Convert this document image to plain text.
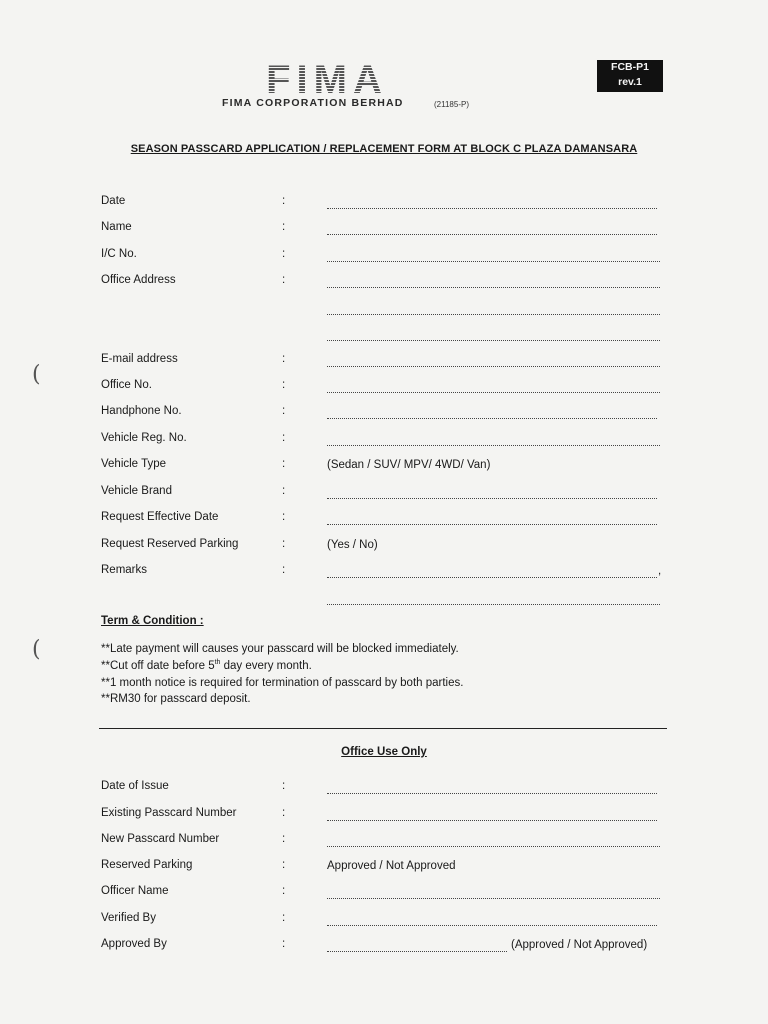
FIMA
FIMA CORPORATION BERHAD	(21185-P)
FCB-P1
rev.1
SEASON PASSCARD APPLICATION / REPLACEMENT FORM AT BLOCK C PLAZA DAMANSARA
Date	:
Name	:
I/C No.	:
Office Address	:
E-mail address	:
Office No.	:
Handphone No.	:
Vehicle Reg. No.	:
Vehicle Type	:	(Sedan / SUV/ MPV/ 4WD/ Van)
Vehicle Brand	:
Request Effective Date	:
Request Reserved Parking	:	(Yes / No)
Remarks	:	,
Term & Condition :
**Late payment will causes your passcard will be blocked immediately.
**Cut off date before 5th day every month.
**1 month notice is required for termination of passcard by both parties.
**RM30 for passcard deposit.
Office Use Only
Date of Issue	:
Existing Passcard Number	:
New Passcard Number	:
Reserved Parking	:	Approved / Not Approved
Officer Name	:
Verified By	:
Approved By	:	(Approved / Not Approved)
(
(
